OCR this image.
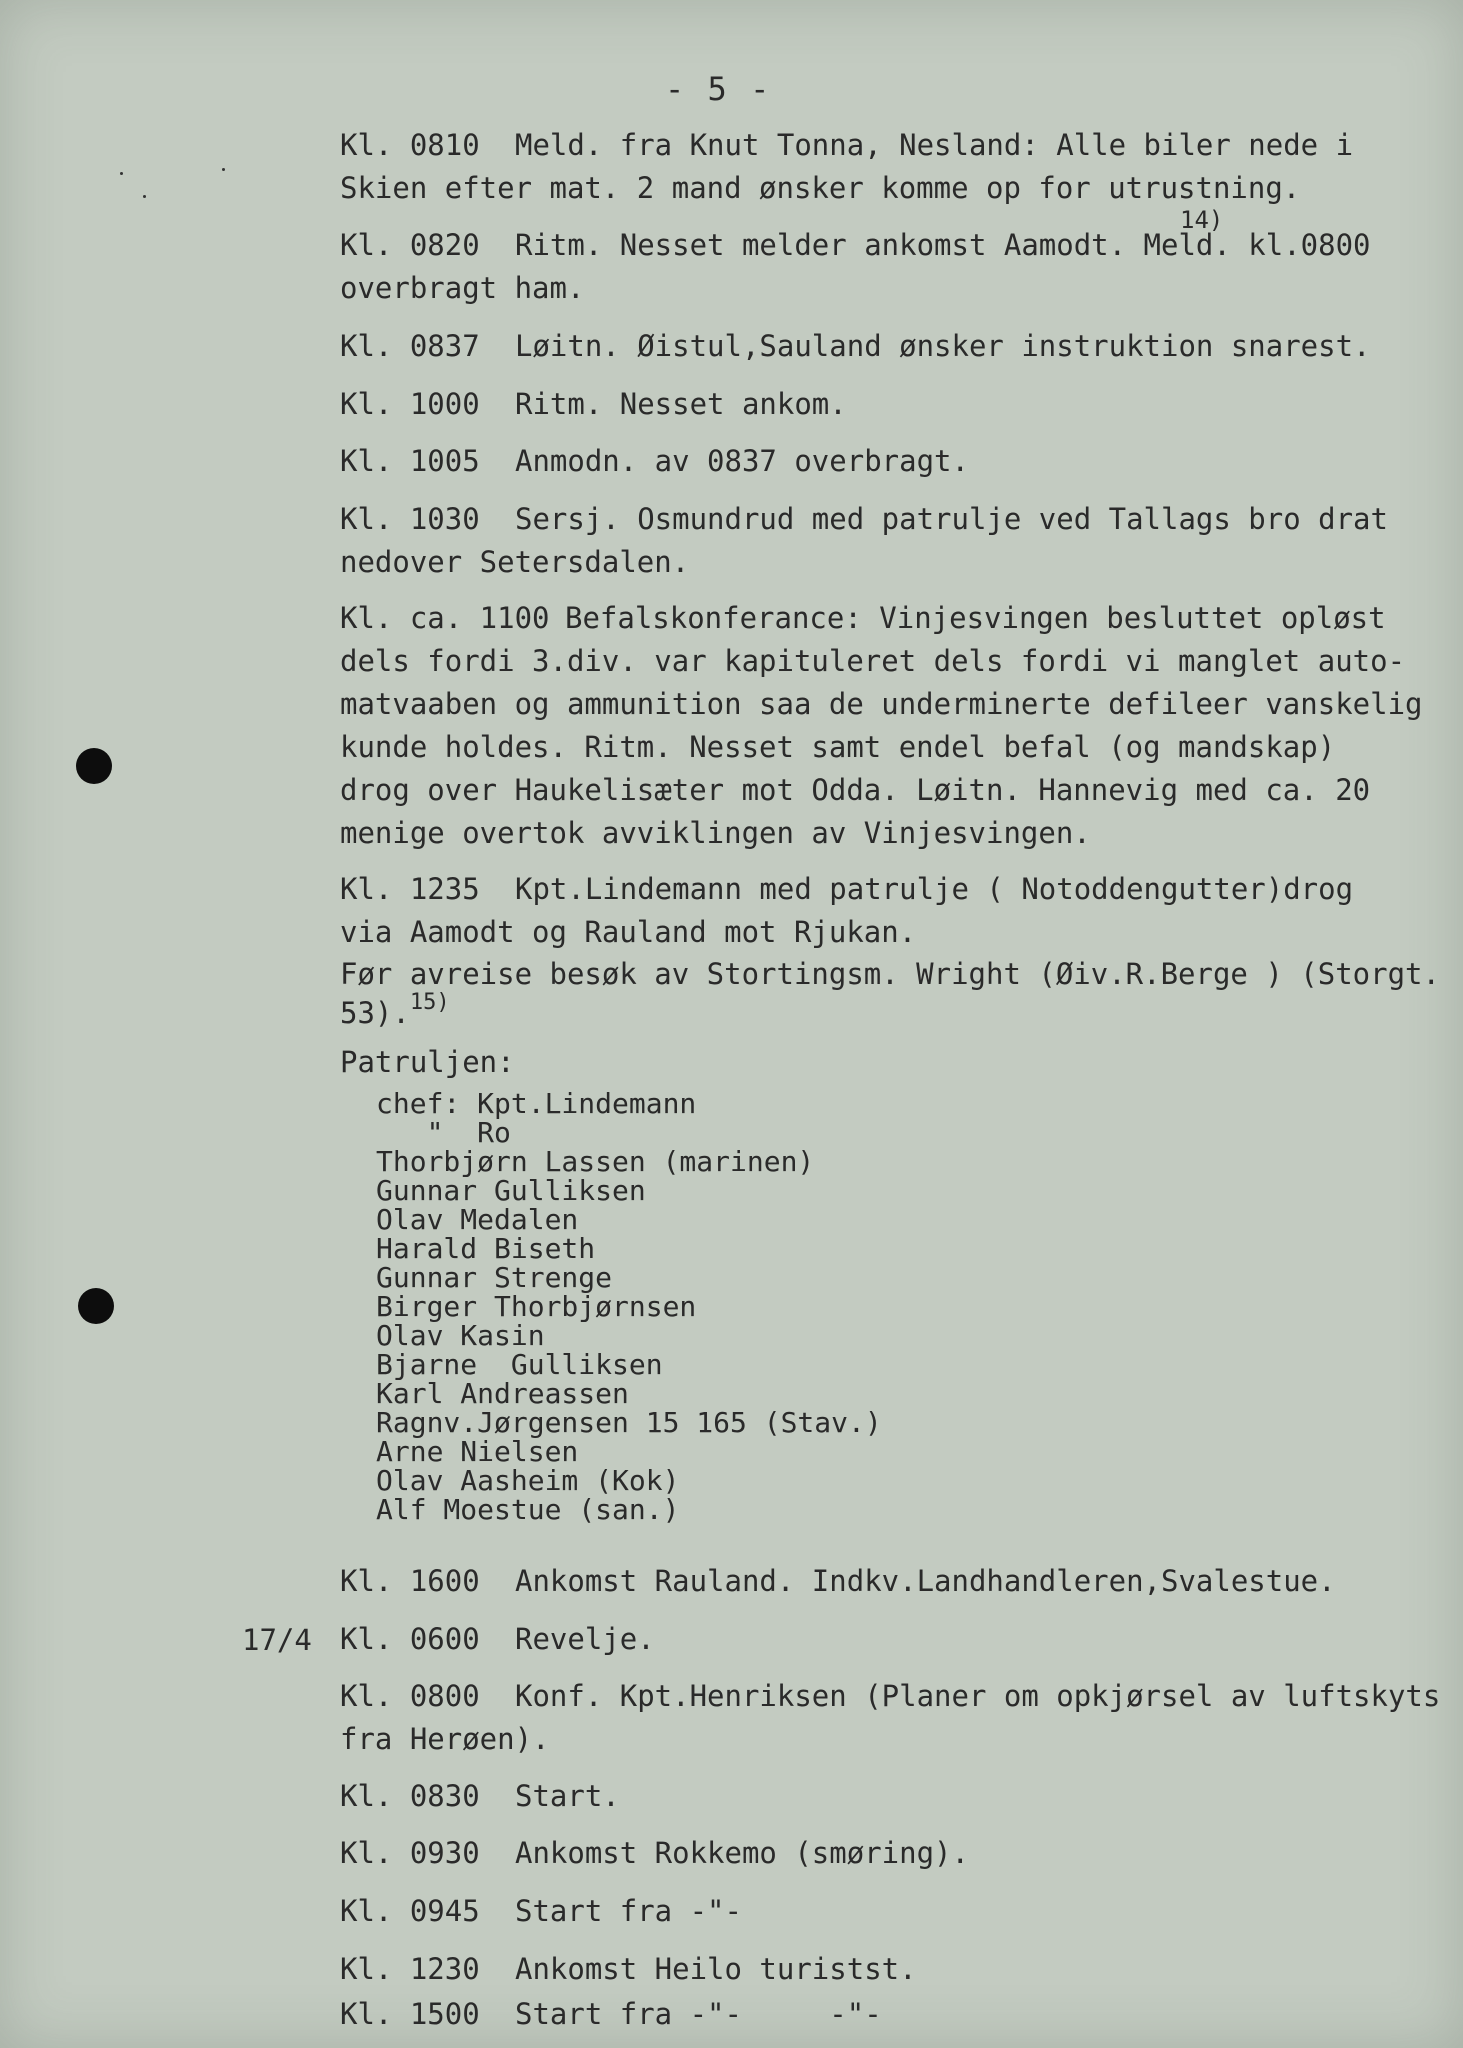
- 5 -
Kl. 0810 Meld. fra Knut Tonna, Nesland: Alle biler nede i
Skien efter mat. 2 mand ønsker komme op for utrustning.
Kl. 0820 Ritm. Nesset melder ankomst Aamodt. Meld. kl.0800
overbragt ham.
14)
Kl. 0837 Løitn. Øistul,Sauland ønsker instruktion snarest.
Kl. 1000 Ritm. Nesset ankom.
Kl. 1005 Anmodn. av 0837 overbragt.
Kl. 1030 Sersj. Osmundrud med patrulje ved Tallags bro drat
nedover Setersdalen.
Kl. ca. 1100 Befalskonferance: Vinjesvingen besluttet opløst
dels fordi 3.div. var kapituleret dels fordi vi manglet auto-
matvaaben og ammunition saa de underminerte defileer vanskelig
kunde holdes. Ritm. Nesset samt endel befal (og mandskap)
drog over Haukelisæter mot Odda. Løitn. Hannevig med ca. 20
menige overtok avviklingen av Vinjesvingen.
Kl. 1235 Kpt.Lindemann med patrulje ( Notoddengutter)drog
via Aamodt og Rauland mot Rjukan.
Før avreise besøk av Stortingsm. Wright (Øiv.R.Berge ) (Storgt.
53).$^{15)}$
Patruljen:
chef: Kpt.Lindemann
"  Ro
Thorbjørn Lassen (marinen)
Gunnar Gulliksen
Olav Medalen
Harald Biseth
Gunnar Strenge
Birger Thorbjørnsen
Olav Kasin
Bjarne  Gulliksen
Karl Andreassen
Ragnv.Jørgensen 15 165 (Stav.)
Arne Nielsen
Olav Aasheim (Kok)
Alf Moestue (san.)
Kl. 1600 Ankomst Rauland. Indkv.Landhandleren,Svalestue.
17/4 Kl. 0600 Revelje.
Kl. 0800 Konf. Kpt.Henriksen (Planer om opkjørsel av luftskyts
fra Herøen).
Kl. 0830 Start.
Kl. 0930 Ankomst Rokkemo (smøring).
Kl. 0945 Start fra -"-
Kl. 1230 Ankomst Heilo turistst.
Kl. 1500 Start fra -"-     -"-
